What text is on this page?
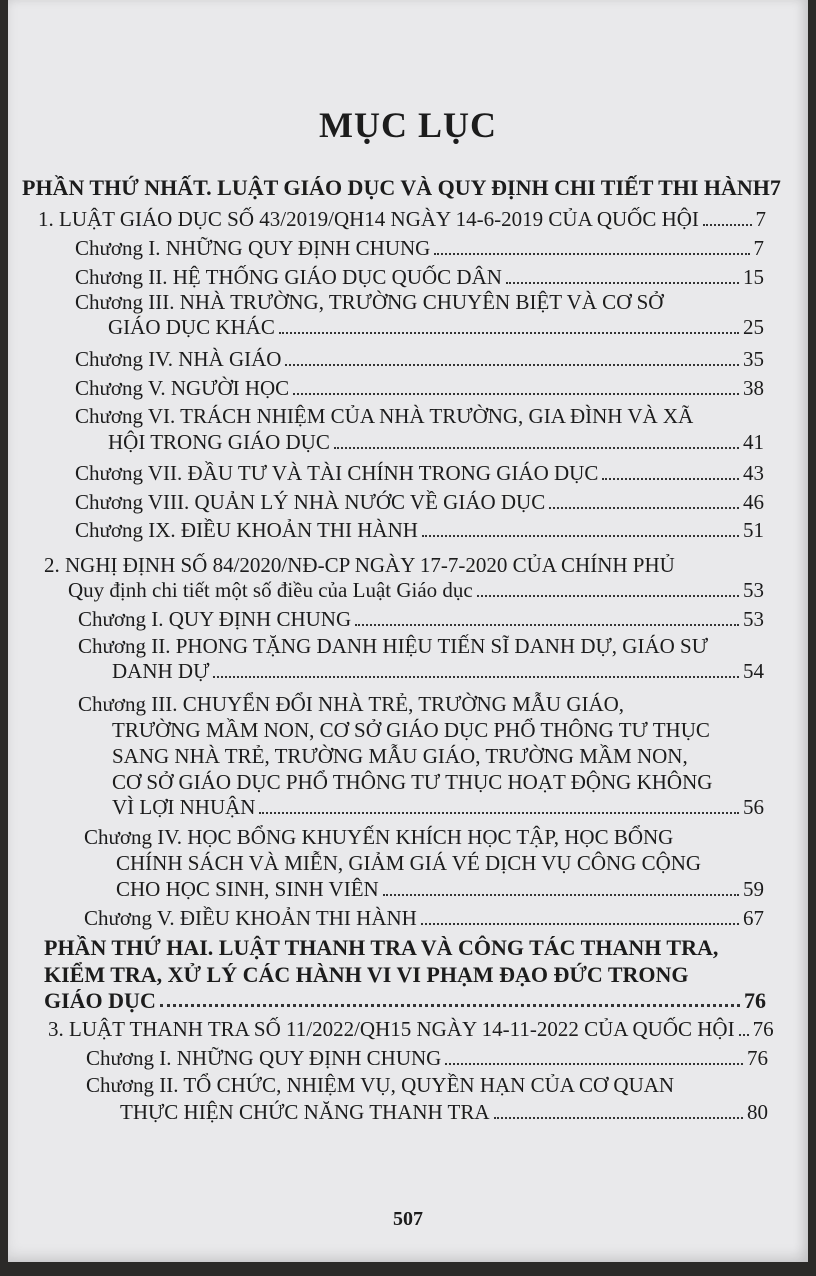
MỤC LỤC
PHẦN THỨ NHẤT. LUẬT GIÁO DỤC VÀ QUY ĐỊNH CHI TIẾT THI HÀNH 7
1. LUẬT GIÁO DỤC SỐ 43/2019/QH14 NGÀY 14-6-2019 CỦA QUỐC HỘI	7
Chương I. NHỮNG QUY ĐỊNH CHUNG	7
Chương II. HỆ THỐNG GIÁO DỤC QUỐC DÂN	15
Chương III. NHÀ TRƯỜNG, TRƯỜNG CHUYÊN BIỆT VÀ CƠ SỞ
GIÁO DỤC KHÁC	25
Chương IV. NHÀ GIÁO	35
Chương V. NGƯỜI HỌC	38
Chương VI. TRÁCH NHIỆM CỦA NHÀ TRƯỜNG, GIA ĐÌNH VÀ XÃ
HỘI TRONG GIÁO DỤC	41
Chương VII. ĐẦU TƯ VÀ TÀI CHÍNH TRONG GIÁO DỤC	43
Chương VIII. QUẢN LÝ NHÀ NƯỚC VỀ GIÁO DỤC	46
Chương IX. ĐIỀU KHOẢN THI HÀNH	51
2. NGHỊ ĐỊNH SỐ 84/2020/NĐ-CP NGÀY 17-7-2020 CỦA CHÍNH PHỦ
Quy định chi tiết một số điều của Luật Giáo dục	53
Chương I. QUY ĐỊNH CHUNG	53
Chương II. PHONG TẶNG DANH HIỆU TIẾN SĨ DANH DỰ, GIÁO SƯ
DANH DỰ	54
Chương III. CHUYỂN ĐỔI NHÀ TRẺ, TRƯỜNG MẪU GIÁO,
TRƯỜNG MẦM NON, CƠ SỞ GIÁO DỤC PHỔ THÔNG TƯ THỤC
SANG NHÀ TRẺ, TRƯỜNG MẪU GIÁO, TRƯỜNG MẦM NON,
CƠ SỞ GIÁO DỤC PHỔ THÔNG TƯ THỤC HOẠT ĐỘNG KHÔNG
VÌ LỢI NHUẬN	56
Chương IV. HỌC BỔNG KHUYẾN KHÍCH HỌC TẬP, HỌC BỔNG
CHÍNH SÁCH VÀ MIỄN, GIẢM GIÁ VÉ DỊCH VỤ CÔNG CỘNG
CHO HỌC SINH, SINH VIÊN	59
Chương V. ĐIỀU KHOẢN THI HÀNH	67
PHẦN THỨ HAI. LUẬT THANH TRA VÀ CÔNG TÁC THANH TRA,
KIỂM TRA, XỬ LÝ CÁC HÀNH VI VI PHẠM ĐẠO ĐỨC TRONG
GIÁO DỤC	76
3. LUẬT THANH TRA SỐ 11/2022/QH15 NGÀY 14-11-2022 CỦA QUỐC HỘI 76
Chương I. NHỮNG QUY ĐỊNH CHUNG	76
Chương II. TỔ CHỨC, NHIỆM VỤ, QUYỀN HẠN CỦA CƠ QUAN
THỰC HIỆN CHỨC NĂNG THANH TRA	80
507
